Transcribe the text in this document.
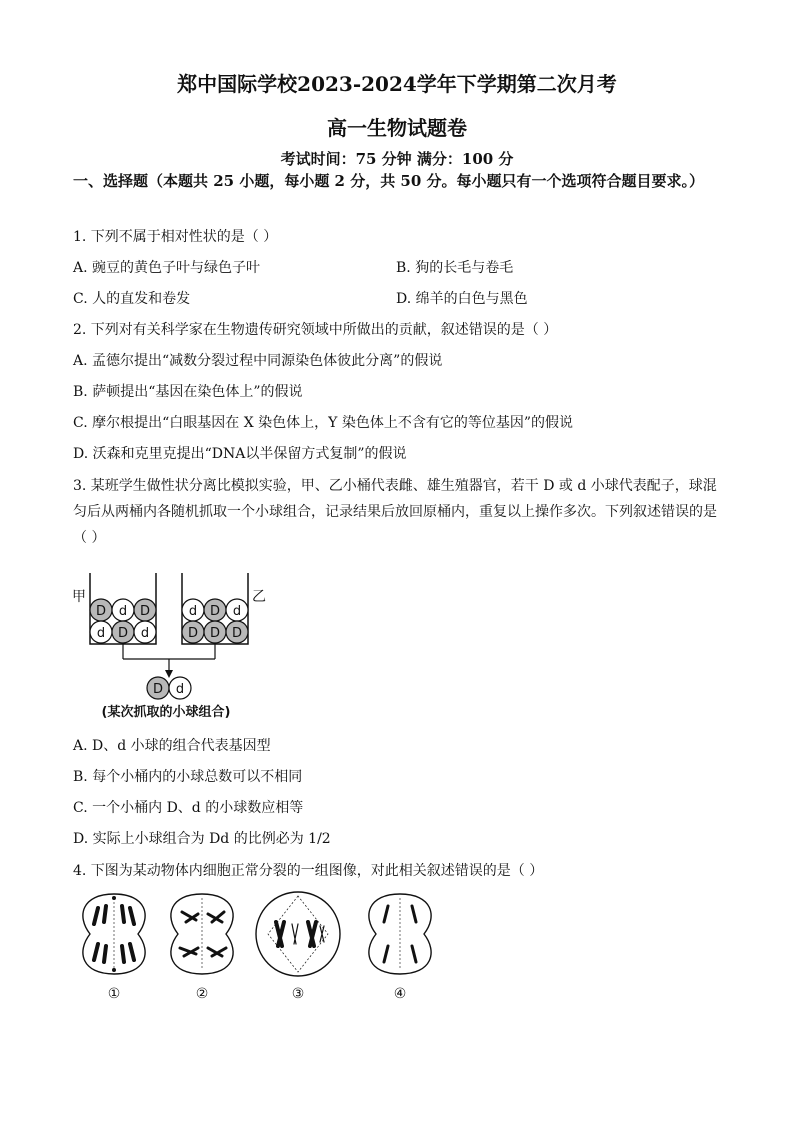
郑中国际学校2023-2024学年下学期第二次月考
高一生物试题卷
考试时间：75 分钟 满分：100 分
一、选择题（本题共 25 小题，每小题 2 分，共 50 分。每小题只有一个选项符合题目要求。）
1. 下列不属于相对性状的是（ ）
A. 豌豆的黄色子叶与绿色子叶	B. 狗的长毛与卷毛
C. 人的直发和卷发	D. 绵羊的白色与黑色
2. 下列对有关科学家在生物遗传研究领域中所做出的贡献，叙述错误的是（ ）
A. 孟德尔提出“减数分裂过程中同源染色体彼此分离”的假说
B. 萨顿提出“基因在染色体上”的假说
C. 摩尔根提出“白眼基因在 X 染色体上，Y 染色体上不含有它的等位基因”的假说
D. 沃森和克里克提出“DNA以半保留方式复制”的假说
3. 某班学生做性状分离比模拟实验，甲、乙小桶代表雌、雄生殖器官，若干 D 或 d 小球代表配子，球混匀后从两桶内各随机抓取一个小球组合，记录结果后放回原桶内，重复以上操作多次。下列叙述错误的是（ ）
甲	乙
D d D
d D d
d D d
D D D
D d
(某次抓取的小球组合)
A. D、d 小球的组合代表基因型
B. 每个小桶内的小球总数可以不相同
C. 一个小桶内 D、d 的小球数应相等
D. 实际上小球组合为 Dd 的比例必为 1/2
4. 下图为某动物体内细胞正常分裂的一组图像，对此相关叙述错误的是（ ）
①	②	③	④
